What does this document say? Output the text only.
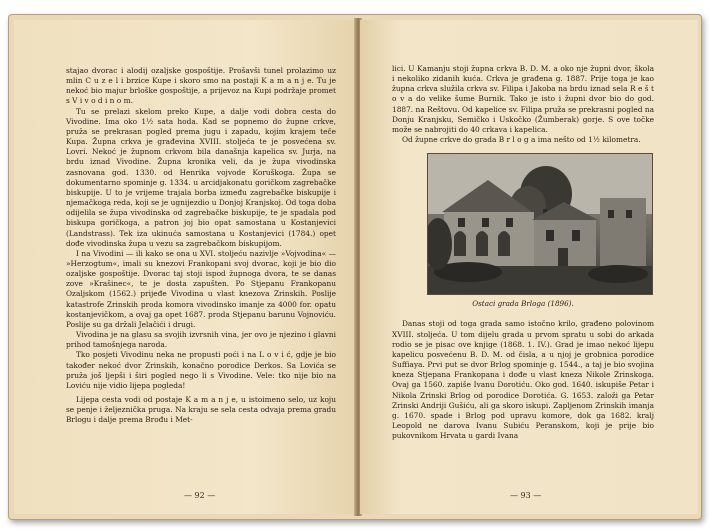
stajao dvorac i alodij ozaljske gospoštije. Prošavši tunel prolazimo uz mlin C u z e l i brzice Kupe i skoro smo na postaji K a m a n j e. Tu je nekoć bio majur brloške gospoštije, a prijevoz na Kupi podržaje promet s V i v o d i n o m.

Tu se prelazi skelom preko Kupe, a dalje vodi dobra cesta do Vivodine. Ima oko 1½ sata hoda. Kad se popnemo do župne crkve, pruža se prekrasan pogled prema jugu i zapadu, kojim krajem teče Kupa. Župna crkva je građevina XVIII. stoljeća te je posvećena sv. Lovri. Nekoć je župnom crkvom bila današnja kapelica sv. Jurja, na brdu iznad Vivodine. Župna kronika veli, da je župa vivodinska zasnovana god. 1330. od Henrika vojvode Koruškoga. Župa se dokumentarno spominje g. 1334. u arcidjakonatu goričkom zagrebačke biskupije. U to je vrijeme trajala borba između zagrebačke biskupije i njemačkoga reda, koji se je ugnijezdio u Donjoj Kranjskoj. Od toga doba odijelila se župa vivodinska od zagrebačke biskupije, te je spadala pod biskupa goričkoga, a patron joj bio opat samostana u Kostanjevici (Landstrass). Tek iza ukinuća samostana u Kostanjevici (1784.) opet dođe vivodinska župa u vezu sa zagrebačkom biskupijom.

I na Vivodini — ili kako se ona u XVI. stoljeću nazivlje »Vojvodina« — »Herzogtum«, imali su knezovi Frankopani svoj dvorac, koji je bio dio ozaljske gospoštije. Dvorac taj stoji ispod župnoga dvora, te se danas zove »Krašinec«, te je dosta zapušten. Po Stjepanu Frankopanu Ozaljskom (1562.) prijeđe Vivodina u vlast knezova Zrinskih. Poslije katastrofe Zrinskih proda komora vivodinsko imanje za 4000 for. opatu kostanjevičkom, a ovaj ga opet 1687. proda Stjepanu barunu Vojnoviću. Poslije su ga držali Jelačići i drugi.

Vivodina je na glasu sa svojih izvrsnih vina, jer ovo je njezino i glavni prihod tamošnjega naroda.

Tko posjeti Vivodinu neka ne propusti poći i na L o v i ć, gdje je bio također nekoć dvor Zrinskih, konačno porodice Derkos. Sa Lovića se pruža još ljepši i širi pogled nego li s Vivodine. Vele: tko nije bio na Loviću nije vidio lijepa pogleda!

Lijepa cesta vodi od postaje K a m a n j e, u istoimeno selo, uz koju se penje i željeznička pruga. Na kraju se sela cesta odvaja prema gradu Brlogu i dalje prema Brođu i Met-

— 92 —

lici. U Kamanju stoji župna crkva B. D. M. a oko nje župni dvor, škola i nekoliko zidanih kuća. Crkva je građena g. 1887. Prije toga je kao župna crkva služila crkva sv. Filipa i Jakoba na brdu iznad sela R e š t o v a do velike šume Burnik. Tako je isto i župni dvor bio do god. 1887. na Reštovu. Od kapelice sv. Filipa pruža se prekrasni pogled na Donju Kranjsku, Semičko i Uskočko (Žumberak) gorje. S ove točke može se nabrojiti do 40 crkava i kapelica.

Od župne crkve do grada B r l o g a ima nešto od 1½ kilometra.

Ostaci grada Brloga (1896).

Danas stoji od toga grada samo istočno krilo, građeno polovinom XVIII. stoljeća. U tom dijelu grada u prvom spratu u sobi do arkada rodio se je pisac ove knjige (1868. 1. IV.). Grad je imao nekoć lijepu kapelicu posvećenu B. D. M. od čisla, a u njoj je grobnica porodice Suffiaya. Prvi put se dvor Brlog spominje g. 1544., a taj je bio svojina kneza Stjepana Frankopana i dođe u vlast kneza Nikole Zrinskoga. Ovaj ga 1560. zapiše Ivanu Dorotiću. Oko god. 1640. iskupiše Petar i Nikola Zrinski Brlog od porodice Dorotića. G. 1653. založi ga Petar Zrinski Andriji Gušiću, ali ga skoro iskupi. Zapljenom Zrinskih imanja g. 1670. spade i Brlog pod upravu komore, dok ga 1682. kralj Leopold ne darova Ivanu Subiću Peranskom, koji je prije bio pukovnikom Hrvata u gardi Ivana

— 93 —
